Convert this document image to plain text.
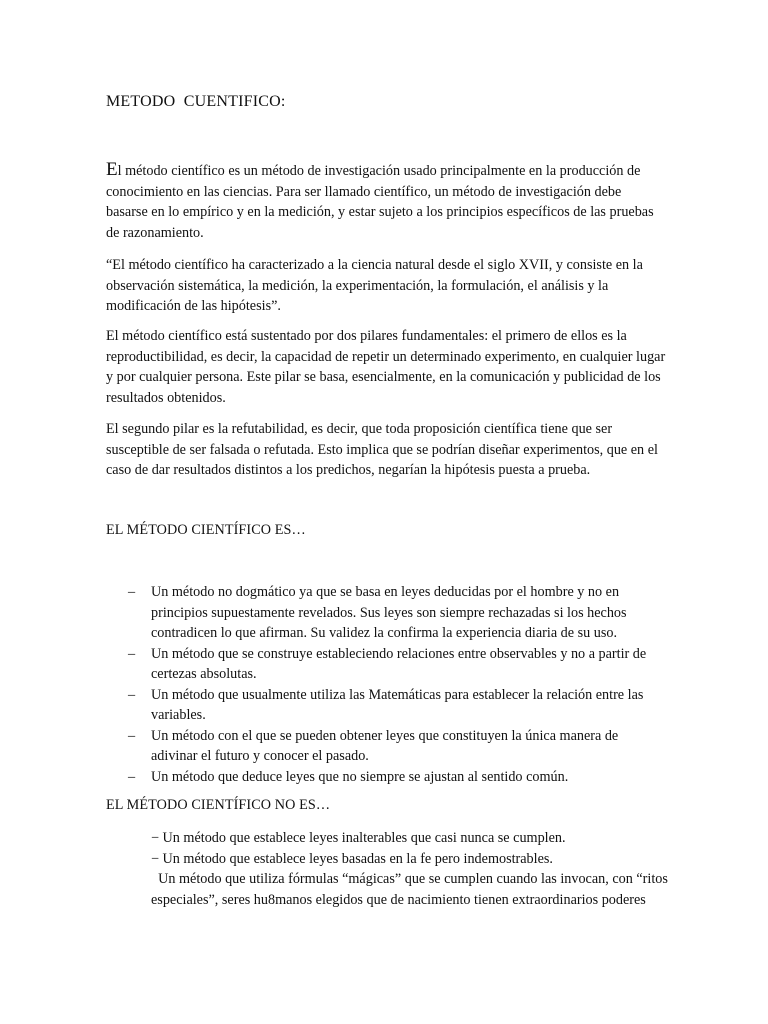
METODO  CUENTIFICO:

El método científico es un método de investigación usado principalmente en la producción de conocimiento en las ciencias. Para ser llamado científico, un método de investigación debe basarse en lo empírico y en la medición, y estar sujeto a los principios específicos de las pruebas de razonamiento.

“El método científico ha caracterizado a la ciencia natural desde el siglo XVII, y consiste en la observación sistemática, la medición, la experimentación, la formulación, el análisis y la modificación de las hipótesis”.

El método científico está sustentado por dos pilares fundamentales: el primero de ellos es la reproductibilidad, es decir, la capacidad de repetir un determinado experimento, en cualquier lugar y por cualquier persona. Este pilar se basa, esencialmente, en la comunicación y publicidad de los resultados obtenidos.

El segundo pilar es la refutabilidad, es decir, que toda proposición científica tiene que ser susceptible de ser falsada o refutada. Esto implica que se podrían diseñar experimentos, que en el caso de dar resultados distintos a los predichos, negarían la hipótesis puesta a prueba.

EL MÉTODO CIENTÍFICO ES…
– Un método no dogmático ya que se basa en leyes deducidas por el hombre y no en principios supuestamente revelados. Sus leyes son siempre rechazadas si los hechos contradicen lo que afirman. Su validez la confirma la experiencia diaria de su uso.
– Un método que se construye estableciendo relaciones entre observables y no a partir de certezas absolutas.
– Un método que usualmente utiliza las Matemáticas para establecer la relación entre las variables.
– Un método con el que se pueden obtener leyes que constituyen la única manera de adivinar el futuro y conocer el pasado.
– Un método que deduce leyes que no siempre se ajustan al sentido común.
EL MÉTODO CIENTÍFICO NO ES…
− Un método que establece leyes inalterables que casi nunca se cumplen.
− Un método que establece leyes basadas en la fe pero indemostrables.
Un método que utiliza fórmulas “mágicas” que se cumplen cuando las invocan, con “ritos especiales”, seres hu8manos elegidos que de nacimiento tienen extraordinarios poderes
